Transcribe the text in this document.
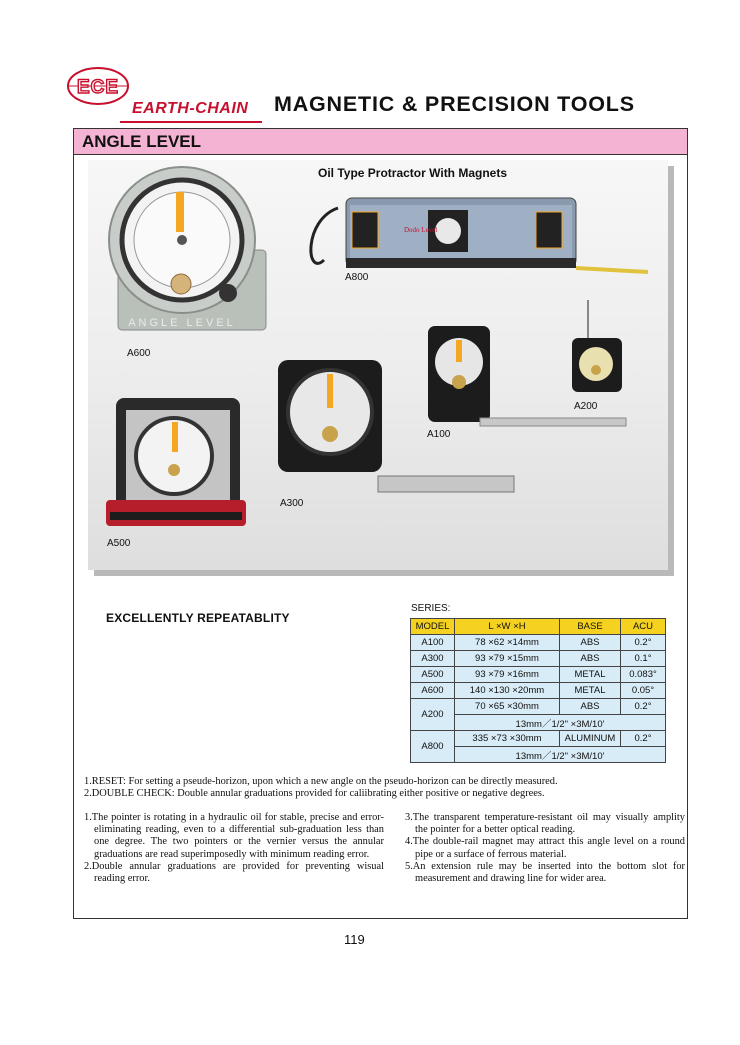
ECE
EARTH-CHAIN MAGNETIC & PRECISION TOOLS
ANGLE LEVEL
ANGLE LEVEL
Dodo Level
Oil Type Protractor With Magnets
A600
A800
A200
A100
A300
A500
EXCELLENTLY REPEATABLITY
SERIES:
MODEL	L ×W ×H	BASE	ACU
A100	78 ×62 ×14mm	ABS	0.2°
A300	93 ×79 ×15mm	ABS	0.1°
A500	93 ×79 ×16mm	METAL	0.083°
A600	140 ×130 ×20mm	METAL	0.05°
A200	70 ×65 ×30mm	ABS	0.2°
	13mm／1/2" ×3M/10'		
A800	335 ×73 ×30mm	ALUMINUM	0.2°
	13mm／1/2" ×3M/10'		
1.RESET: For setting a pseude-horizon, upon which a new angle on the pseudo-horizon can be directly measured.
2.DOUBLE CHECK: Double annular graduations provided for caliibrating either positive or negative degrees.

1.The pointer is rotating in a hydraulic oil for stable, precise and error-eliminating reading, even to a differential sub-graduation less than one degree. The two pointers or the vernier versus the annular graduations are read superimposedly with minimum reading error.

2.Double annular graduations are provided for preventing wisual reading error.

3.The transparent temperature-resistant oil may visually amplity the pointer for a better optical reading.

4.The double-rail magnet may attract this angle level on a round pipe or a surface of ferrous material.

5.An extension rule may be inserted into the bottom slot for measurement and drawing line for wider area.

119
